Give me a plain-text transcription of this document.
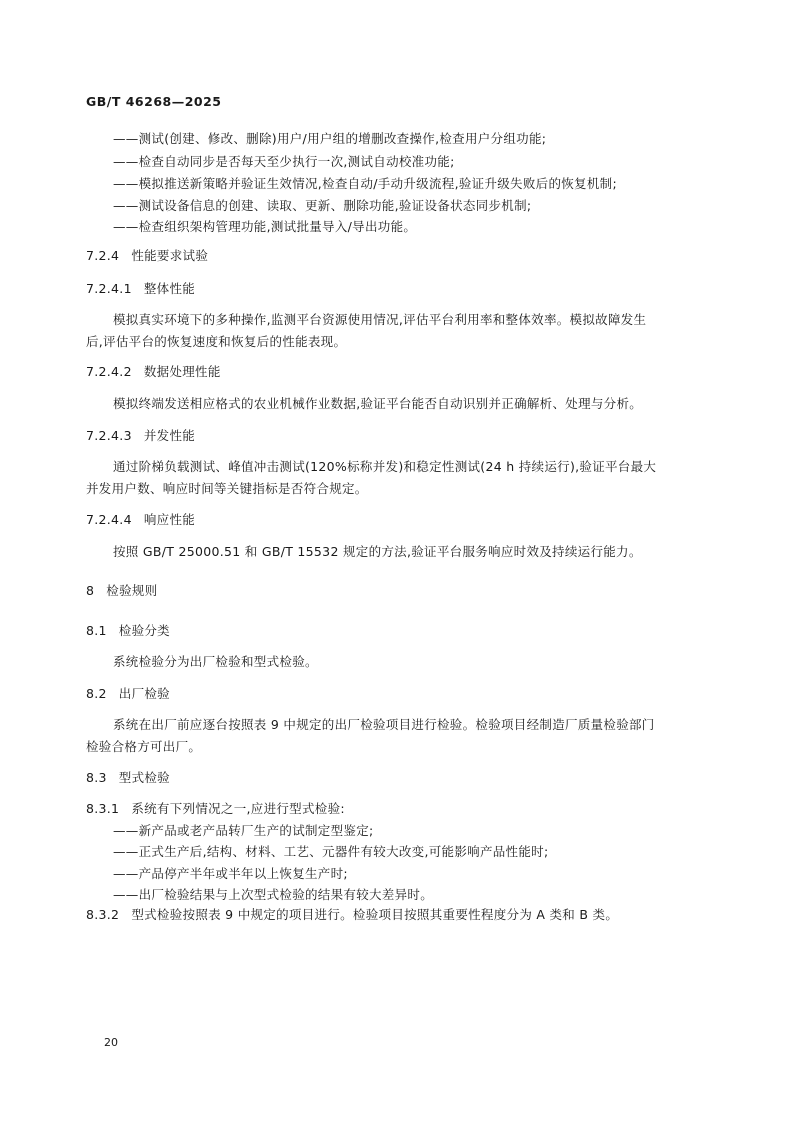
GB/T 46268—2025
——测试(创建、修改、删除)用户/用户组的增删改查操作,检查用户分组功能;
——检查自动同步是否每天至少执行一次,测试自动校准功能;
——模拟推送新策略并验证生效情况,检查自动/手动升级流程,验证升级失败后的恢复机制;
——测试设备信息的创建、读取、更新、删除功能,验证设备状态同步机制;
——检查组织架构管理功能,测试批量导入/导出功能。
7.2.4 性能要求试验
7.2.4.1 整体性能
模拟真实环境下的多种操作,监测平台资源使用情况,评估平台利用率和整体效率。模拟故障发生
后,评估平台的恢复速度和恢复后的性能表现。
7.2.4.2 数据处理性能
模拟终端发送相应格式的农业机械作业数据,验证平台能否自动识别并正确解析、处理与分析。
7.2.4.3 并发性能
通过阶梯负载测试、峰值冲击测试(120%标称并发)和稳定性测试(24 h 持续运行),验证平台最大
并发用户数、响应时间等关键指标是否符合规定。
7.2.4.4 响应性能
按照 GB/T 25000.51 和 GB/T 15532 规定的方法,验证平台服务响应时效及持续运行能力。
8 检验规则
8.1 检验分类
系统检验分为出厂检验和型式检验。
8.2 出厂检验
系统在出厂前应逐台按照表 9 中规定的出厂检验项目进行检验。检验项目经制造厂质量检验部门
检验合格方可出厂。
8.3 型式检验
8.3.1 系统有下列情况之一,应进行型式检验:
——新产品或老产品转厂生产的试制定型鉴定;
——正式生产后,结构、材料、工艺、元器件有较大改变,可能影响产品性能时;
——产品停产半年或半年以上恢复生产时;
——出厂检验结果与上次型式检验的结果有较大差异时。
8.3.2 型式检验按照表 9 中规定的项目进行。检验项目按照其重要性程度分为 A 类和 B 类。
20
